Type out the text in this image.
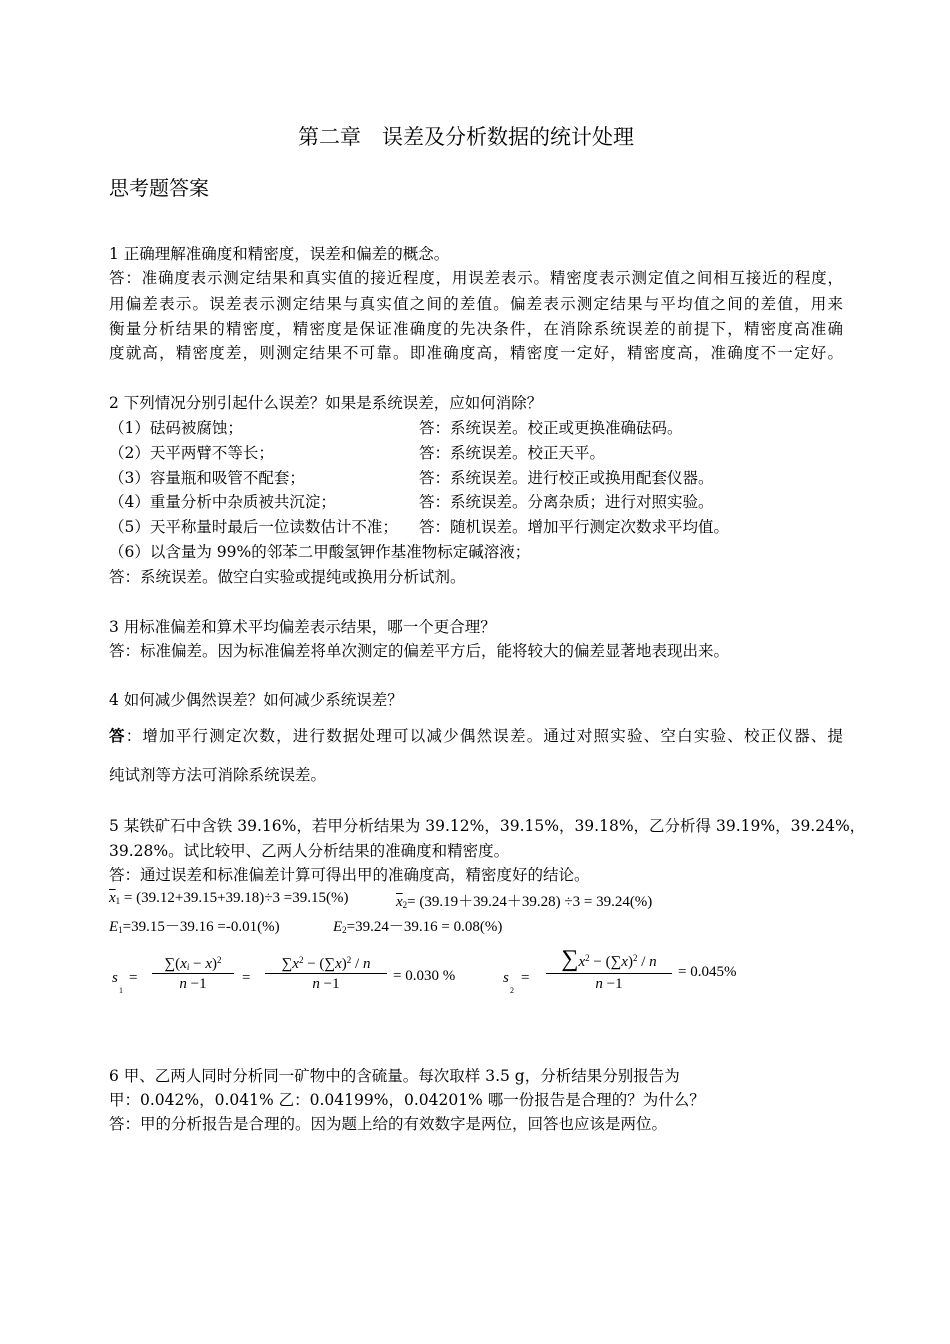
第二章　误差及分析数据的统计处理
思考题答案
1 正确理解准确度和精密度，误差和偏差的概念。
答：准确度表示测定结果和真实值的接近程度，用误差表示。精密度表示测定值之间相互接近的程度，
用偏差表示。误差表示测定结果与真实值之间的差值。偏差表示测定结果与平均值之间的差值，用来
衡量分析结果的精密度，精密度是保证准确度的先决条件，在消除系统误差的前提下，精密度高准确
度就高，精密度差，则测定结果不可靠。即准确度高，精密度一定好，精密度高，准确度不一定好。
2 下列情况分别引起什么误差？如果是系统误差，应如何消除？
（1）砝码被腐蚀；	答：系统误差。校正或更换准确砝码。
（2）天平两臂不等长；	答：系统误差。校正天平。
（3）容量瓶和吸管不配套；	答：系统误差。进行校正或换用配套仪器。
（4）重量分析中杂质被共沉淀；	答：系统误差。分离杂质；进行对照实验。
（5）天平称量时最后一位读数估计不准； 答：随机误差。增加平行测定次数求平均值。
（6）以含量为 99%的邻苯二甲酸氢钾作基准物标定碱溶液；
答：系统误差。做空白实验或提纯或换用分析试剂。
3 用标准偏差和算术平均偏差表示结果，哪一个更合理？
答：标准偏差。因为标准偏差将单次测定的偏差平方后，能将较大的偏差显著地表现出来。
4 如何减少偶然误差？如何减少系统误差？
答：增加平行测定次数，进行数据处理可以减少偶然误差。通过对照实验、空白实验、校正仪器、提
纯试剂等方法可消除系统误差。
5 某铁矿石中含铁 39.16%，若甲分析结果为 39.12%，39.15%，39.18%，乙分析得 39.19%，39.24%，
39.28%。试比较甲、乙两人分析结果的准确度和精密度。
答：通过误差和标准偏差计算可得出甲的准确度高，精密度好的结论。
$\overline{x}_1 = (39.12+39.15+39.18)\div 3 =39.15(\%)$	$\overline{x}_2= (39.19+39.24+39.28) \div 3 = 39.24(\%)$
$E_1=39.15-39.16 =-0.01(\%)$	$E_2=39.24-39.16 = 0.08(\%)$
s
1
= $\frac{\sum(x_i - x)^2}{n -1} = \frac{\sum x^2 - (\sum x)^2 / n}{n -1} = 0.030$ %	s
2
= $\frac{\sum x^2 - (\sum x)^2 / n}{n -1} = 0.045\%$
6 甲、乙两人同时分析同一矿物中的含硫量。每次取样 3.5 g，分析结果分别报告为
甲：0.042%，0.041% 乙：0.04199%，0.04201% 哪一份报告是合理的？为什么？
答：甲的分析报告是合理的。因为题上给的有效数字是两位，回答也应该是两位。
